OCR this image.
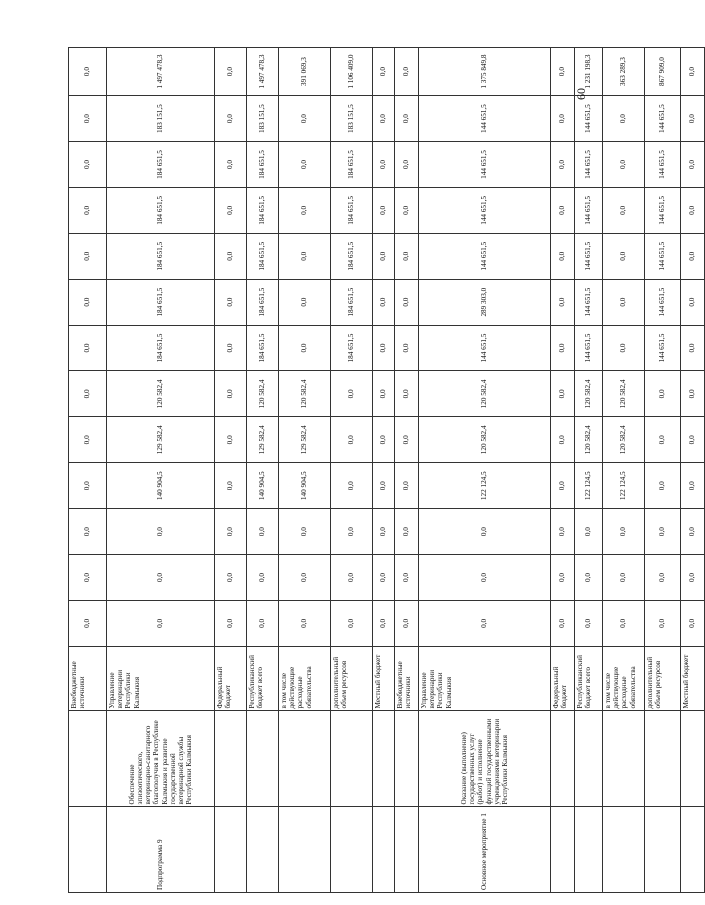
		Внебюджетные источники	0,0	0,0	0,0	0,0	0,0	0,0	0,0	0,0	0,0	0,0	0,0	0,0	0,0
Подпрограмма 9	Обеспечение эпизоотического, ветеринарно-санитарного благополучия в Республике Калмыкия и развитие государственной ветеринарной службы Республики Калмыкия	Управление ветеринарии Республики Калмыкия	0,0	0,0	0,0	140 904,5	129 582,4	120 582,4	184 651,5	184 651,5	184 651,5	184 651,5	184 651,5	183 151,5	1 497 478,3
		Федеральный бюджет	0,0	0,0	0,0	0,0	0,0	0,0	0,0	0,0	0,0	0,0	0,0	0,0	0,0
		Республиканский бюджет всего	0,0	0,0	0,0	140 904,5	129 582,4	120 582,4	184 651,5	184 651,5	184 651,5	184 651,5	184 651,5	183 151,5	1 497 478,3
		в том числе действующие расходные обязательства	0,0	0,0	0,0	140 904,5	129 582,4	120 582,4	0,0	0,0	0,0	0,0	0,0	0,0	391 069,3
		дополнительный объем ресурсов	0,0	0,0	0,0	0,0	0,0	0,0	184 651,5	184 651,5	184 651,5	184 651,5	184 651,5	183 151,5	1 106 409,0
		Местный бюджет	0,0	0,0	0,0	0,0	0,0	0,0	0,0	0,0	0,0	0,0	0,0	0,0	0,0
		Внебюджетные источники	0,0	0,0	0,0	0,0	0,0	0,0	0,0	0,0	0,0	0,0	0,0	0,0	0,0
Основное мероприятие 1	Оказание (выполнение) государственных услуг (работ) и исполнение функций государственными учреждениями ветеринарии Республики Калмыкия	Управление ветеринарии Республики Калмыкия	0,0	0,0	0,0	122 124,5	120 582,4	120 582,4	144 651,5	289 303,0	144 651,5	144 651,5	144 651,5	144 651,5	1 375 849,8
		Федеральный бюджет	0,0	0,0	0,0	0,0	0,0	0,0	0,0	0,0	0,0	0,0	0,0	0,0	0,0
		Республиканский бюджет всего	0,0	0,0	0,0	122 124,5	120 582,4	120 582,4	144 651,5	144 651,5	144 651,5	144 651,5	144 651,5	144 651,5	1 231 198,3
		в том числе действующие расходные обязательства	0,0	0,0	0,0	122 124,5	120 582,4	120 582,4	0,0	0,0	0,0	0,0	0,0	0,0	363 289,3
		дополнительный объем ресурсов	0,0	0,0	0,0	0,0	0,0	0,0	144 651,5	144 651,5	144 651,5	144 651,5	144 651,5	144 651,5	867 909,0
		Местный бюджет	0,0	0,0	0,0	0,0	0,0	0,0	0,0	0,0	0,0	0,0	0,0	0,0	0,0
60
